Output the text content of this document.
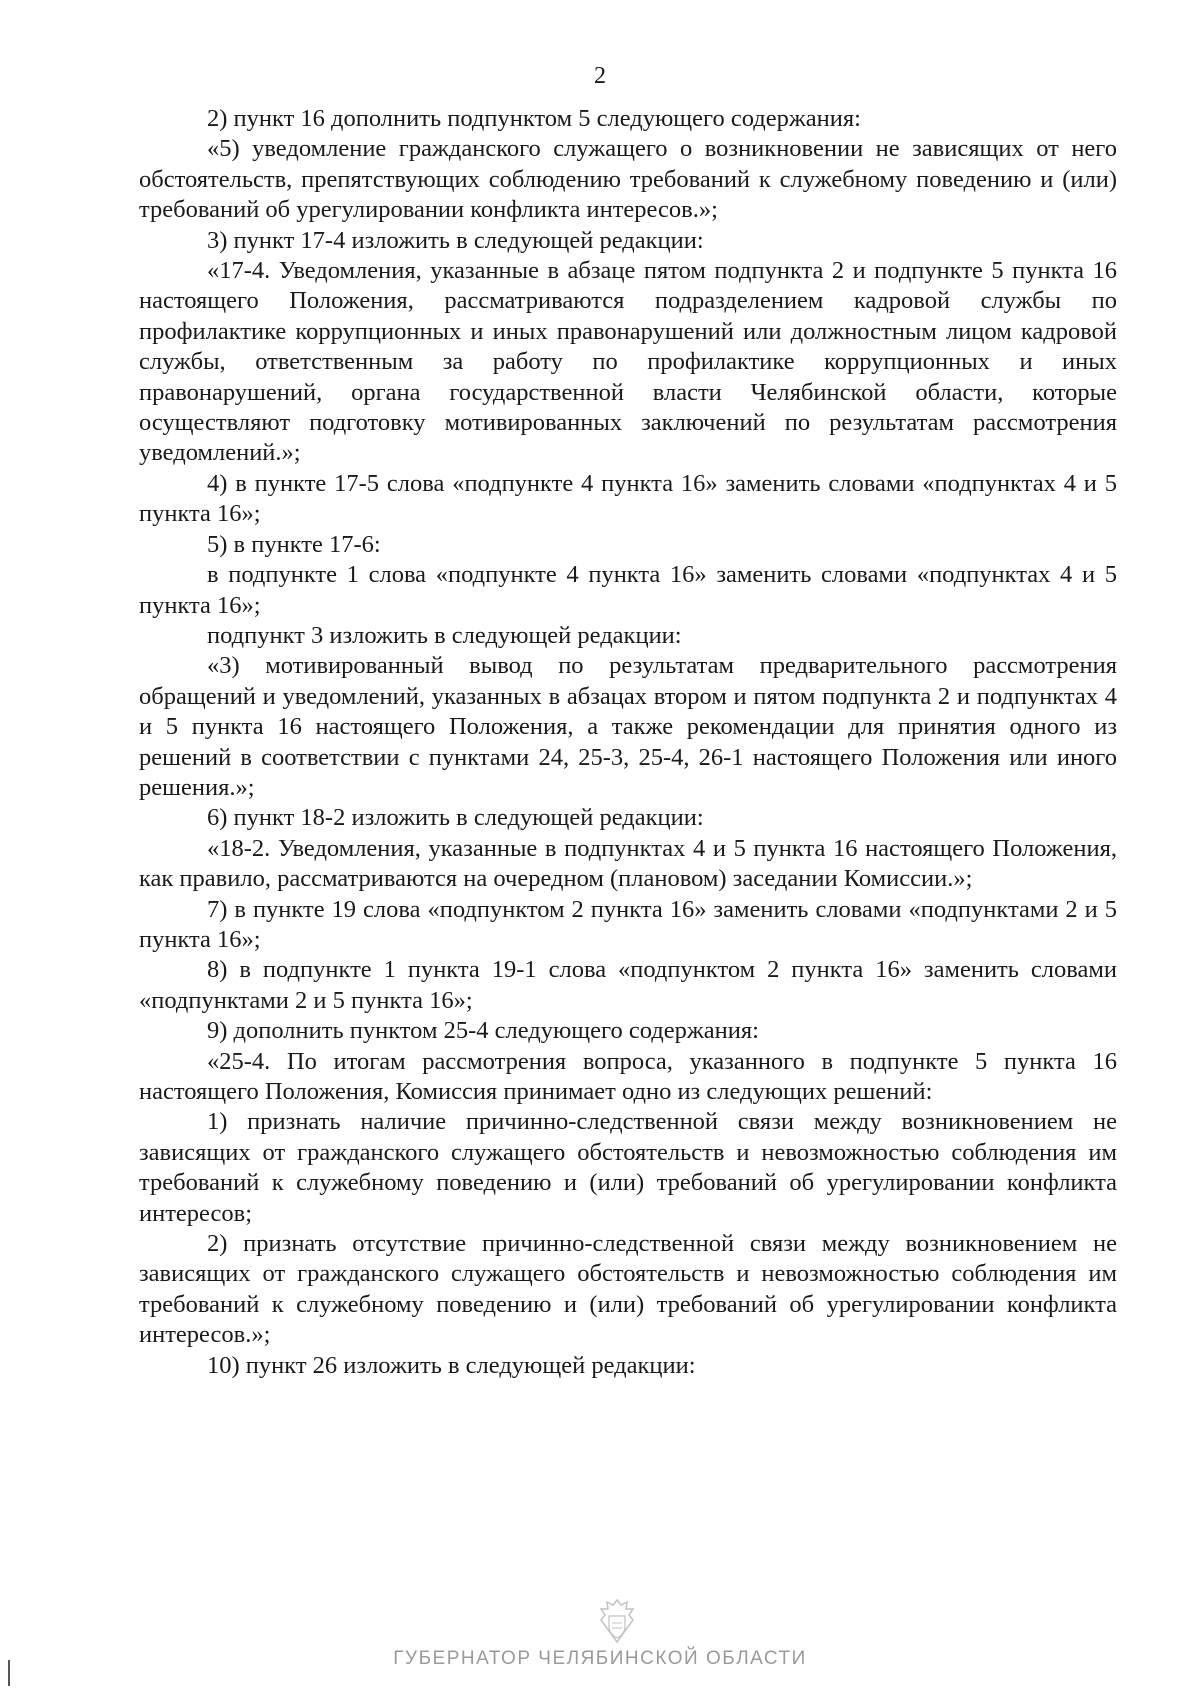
2

2) пункт 16 дополнить подпунктом 5 следующего содержания:

«5) уведомление гражданского служащего о возникновении не зависящих от него обстоятельств, препятствующих соблюдению требований к служебному поведению и (или) требований об урегулировании конфликта интересов.»;

3) пункт 17-4 изложить в следующей редакции:

«17-4. Уведомления, указанные в абзаце пятом подпункта 2 и подпункте 5 пункта 16 настоящего Положения, рассматриваются подразделением кадровой службы по профилактике коррупционных и иных правонарушений или должностным лицом кадровой службы, ответственным за работу по профилактике коррупционных и иных правонарушений, органа государственной власти Челябинской области, которые осуществляют подготовку мотивированных заключений по результатам рассмотрения уведомлений.»;

4) в пункте 17-5 слова «подпункте 4 пункта 16» заменить словами «подпунктах 4 и 5 пункта 16»;

5) в пункте 17-6:

в подпункте 1 слова «подпункте 4 пункта 16» заменить словами «подпунктах 4 и 5 пункта 16»;

подпункт 3 изложить в следующей редакции:

«3) мотивированный вывод по результатам предварительного рассмотрения обращений и уведомлений, указанных в абзацах втором и пятом подпункта 2 и подпунктах 4 и 5 пункта 16 настоящего Положения, а также рекомендации для принятия одного из решений в соответствии с пунктами 24, 25-3, 25-4, 26-1 настоящего Положения или иного решения.»;

6) пункт 18-2 изложить в следующей редакции:

«18-2. Уведомления, указанные в подпунктах 4 и 5 пункта 16 настоящего Положения, как правило, рассматриваются на очередном (плановом) заседании Комиссии.»;

7) в пункте 19 слова «подпунктом 2 пункта 16» заменить словами «подпунктами 2 и 5 пункта 16»;

8) в подпункте 1 пункта 19-1 слова «подпунктом 2 пункта 16» заменить словами «подпунктами 2 и 5 пункта 16»;

9) дополнить пунктом 25-4 следующего содержания:

«25-4. По итогам рассмотрения вопроса, указанного в подпункте 5 пункта 16 настоящего Положения, Комиссия принимает одно из следующих решений:

1) признать наличие причинно-следственной связи между возникновением не зависящих от гражданского служащего обстоятельств и невозможностью соблюдения им требований к служебному поведению и (или) требований об урегулировании конфликта интересов;

2) признать отсутствие причинно-следственной связи между возникновением не зависящих от гражданского служащего обстоятельств и невозможностью соблюдения им требований к служебному поведению и (или) требований об урегулировании конфликта интересов.»;

10) пункт 26 изложить в следующей редакции:

ГУБЕРНАТОР ЧЕЛЯБИНСКОЙ ОБЛАСТИ
